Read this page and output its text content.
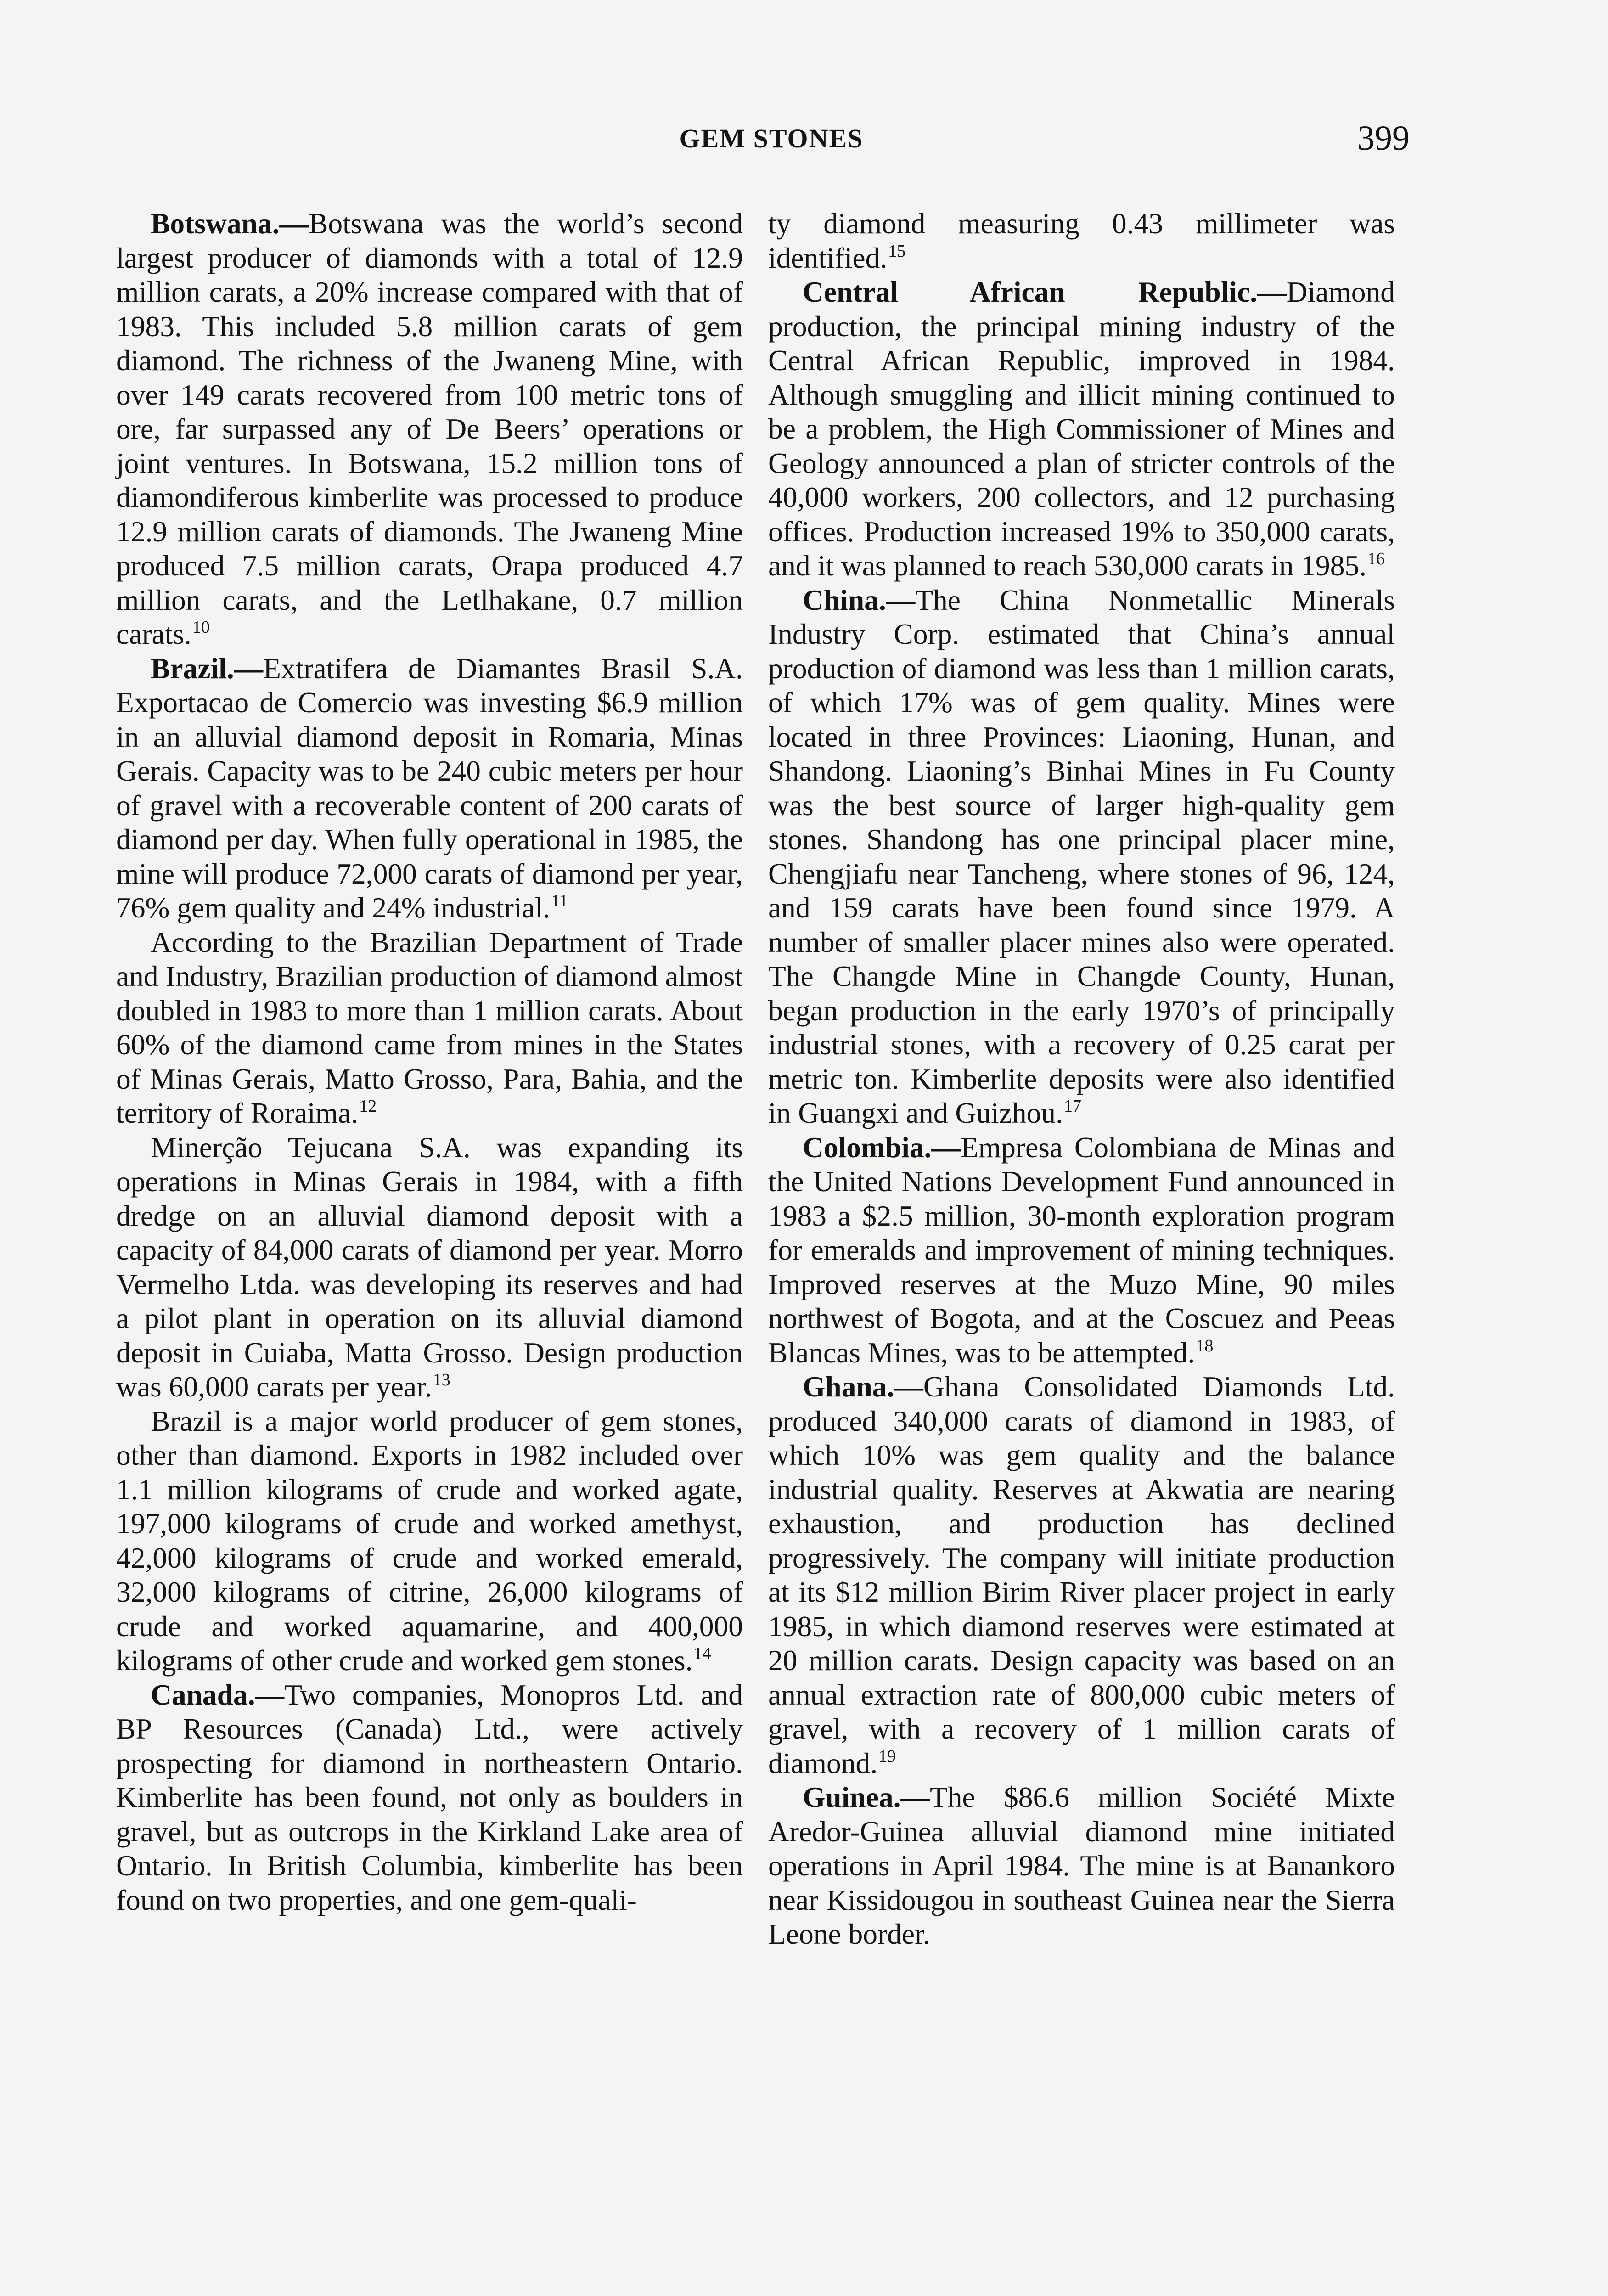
GEM STONES	399

Botswana.—Botswana was the world’s second largest producer of diamonds with a total of 12.9 million carats, a 20% increase compared with that of 1983. This included 5.8 million carats of gem diamond. The richness of the Jwaneng Mine, with over 149 carats recovered from 100 metric tons of ore, far surpassed any of De Beers’ operations or joint ventures. In Botswana, 15.2 million tons of diamondiferous kimberlite was processed to produce 12.9 million carats of diamonds. The Jwaneng Mine produced 7.5 million carats, Orapa produced 4.7 million carats, and the Letlhakane, 0.7 million carats.$^{10}$

Brazil.—Extratifera de Diamantes Brasil S.A. Exportacao de Comercio was investing $6.9 million in an alluvial diamond deposit in Romaria, Minas Gerais. Capacity was to be 240 cubic meters per hour of gravel with a recoverable content of 200 carats of diamond per day. When fully operational in 1985, the mine will produce 72,000 carats of diamond per year, 76% gem quality and 24% industrial.$^{11}$

According to the Brazilian Department of Trade and Industry, Brazilian production of diamond almost doubled in 1983 to more than 1 million carats. About 60% of the diamond came from mines in the States of Minas Gerais, Matto Grosso, Para, Bahia, and the territory of Roraima.$^{12}$

Minerção Tejucana S.A. was expanding its operations in Minas Gerais in 1984, with a fifth dredge on an alluvial diamond deposit with a capacity of 84,000 carats of diamond per year. Morro Vermelho Ltda. was developing its reserves and had a pilot plant in operation on its alluvial diamond deposit in Cuiaba, Matta Grosso. Design production was 60,000 carats per year.$^{13}$

Brazil is a major world producer of gem stones, other than diamond. Exports in 1982 included over 1.1 million kilograms of crude and worked agate, 197,000 kilograms of crude and worked amethyst, 42,000 kilograms of crude and worked emerald, 32,000 kilograms of citrine, 26,000 kilograms of crude and worked aquamarine, and 400,000 kilograms of other crude and worked gem stones.$^{14}$

Canada.—Two companies, Monopros Ltd. and BP Resources (Canada) Ltd., were actively prospecting for diamond in northeastern Ontario. Kimberlite has been found, not only as boulders in gravel, but as outcrops in the Kirkland Lake area of Ontario. In British Columbia, kimberlite has been found on two properties, and one gem-quali-

ty diamond measuring 0.43 millimeter was identified.$^{15}$

Central African Republic.—Diamond production, the principal mining industry of the Central African Republic, improved in 1984. Although smuggling and illicit mining continued to be a problem, the High Commissioner of Mines and Geology announced a plan of stricter controls of the 40,000 workers, 200 collectors, and 12 purchasing offices. Production increased 19% to 350,000 carats, and it was planned to reach 530,000 carats in 1985.16

China.—The China Nonmetallic Minerals Industry Corp. estimated that China’s annual production of diamond was less than 1 million carats, of which 17% was of gem quality. Mines were located in three Provinces: Liaoning, Hunan, and Shandong. Liaoning’s Binhai Mines in Fu County was the best source of larger high-quality gem stones. Shandong has one principal placer mine, Chengjiafu near Tancheng, where stones of 96, 124, and 159 carats have been found since 1979. A number of smaller placer mines also were operated. The Changde Mine in Changde County, Hunan, began production in the early 1970’s of principally industrial stones, with a recovery of 0.25 carat per metric ton. Kimberlite deposits were also identified in Guangxi and Guizhou.$^{17}$

Colombia.—Empresa Colombiana de Minas and the United Nations Development Fund announced in 1983 a $2.5 million, 30-month exploration program for emeralds and improvement of mining techniques. Improved reserves at the Muzo Mine, 90 miles northwest of Bogota, and at the Coscuez and Peeas Blancas Mines, was to be attempted.$^{18}$

Ghana.—Ghana Consolidated Diamonds Ltd. produced 340,000 carats of diamond in 1983, of which 10% was gem quality and the balance industrial quality. Reserves at Akwatia are nearing exhaustion, and production has declined progressively. The company will initiate production at its $12 million Birim River placer project in early 1985, in which diamond reserves were estimated at 20 million carats. Design capacity was based on an annual extraction rate of 800,000 cubic meters of gravel, with a recovery of 1 million carats of diamond.$^{19}$

Guinea.—The $86.6 million Société Mixte Aredor-Guinea alluvial diamond mine initiated operations in April 1984. The mine is at Banankoro near Kissidougou in southeast Guinea near the Sierra Leone border.
